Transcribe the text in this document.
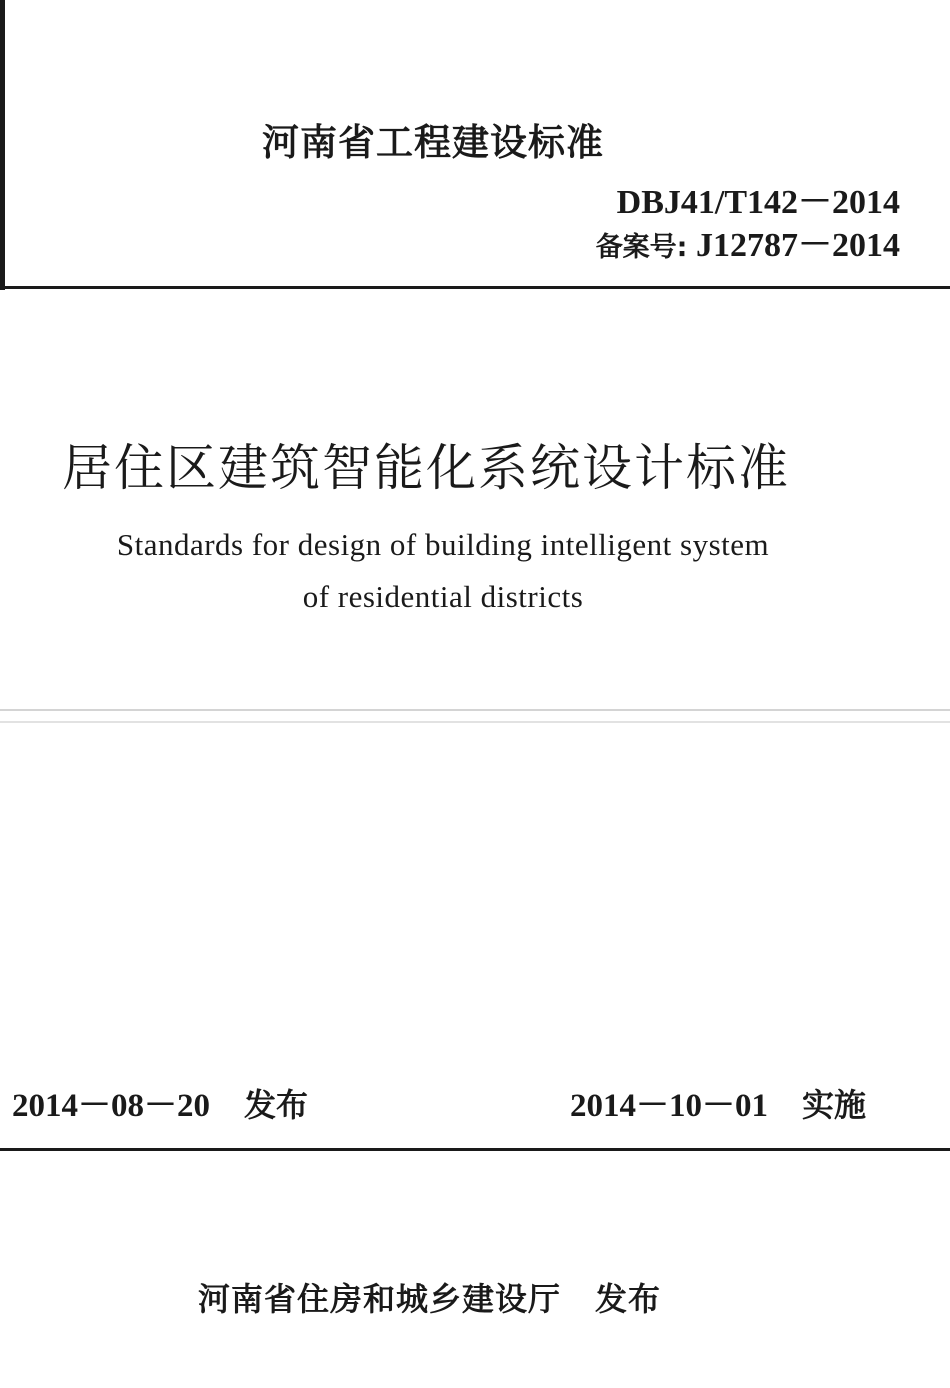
河南省工程建设标准
DBJ41/T142－2014
备案号: J12787－2014
居住区建筑智能化系统设计标准
Standards for design of building intelligent system
of residential districts
2014－08－20 发布	2014－10－01 实施
河南省住房和城乡建设厅 发布
